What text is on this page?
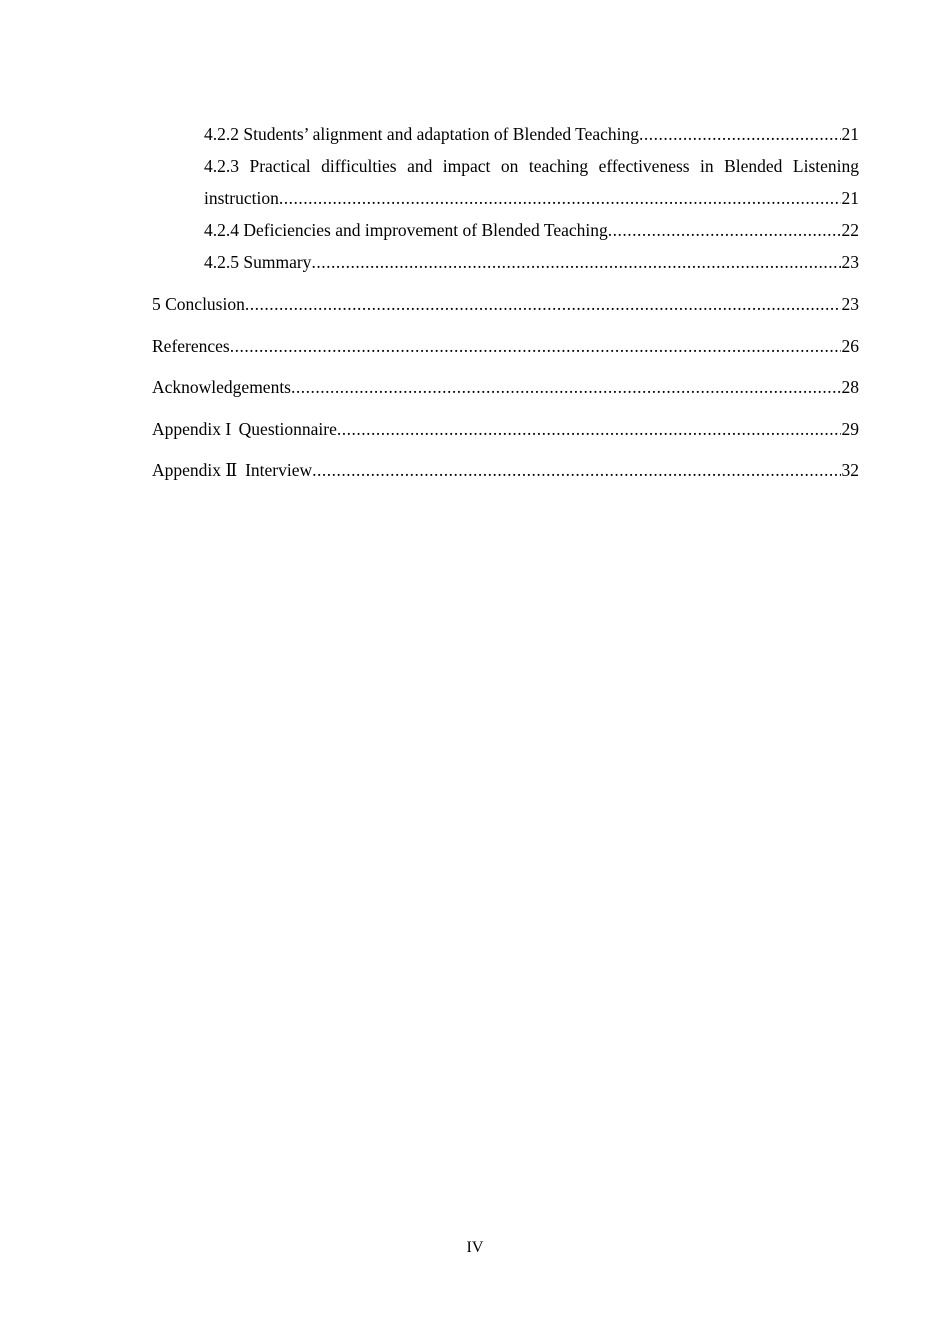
4.2.2 Students’ alignment and adaptation of Blended Teaching .....	21
4.2.3 Practical difficulties and impact on teaching effectiveness in Blended Listening
instruction .....	21
4.2.4 Deficiencies and improvement of Blended Teaching .....	22
4.2.5 Summary .....	23
5 Conclusion .....	23
References .....	26
Acknowledgements .....	28
Appendix I Questionnaire .....	29
Appendix Ⅱ Interview .....	32
IV
